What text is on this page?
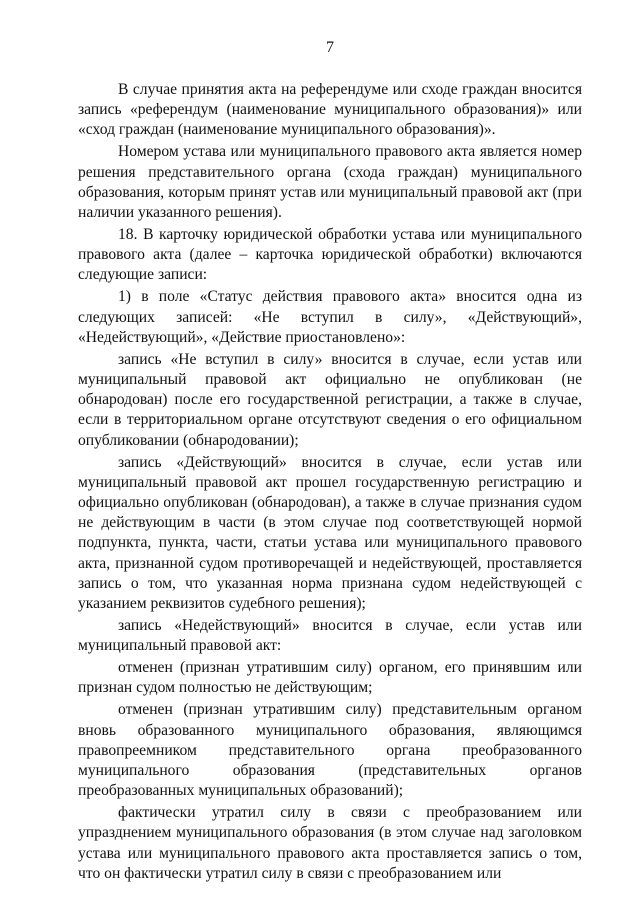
7

В случае принятия акта на референдуме или сходе граждан вносится запись «референдум (наименование муниципального образования)» или «сход граждан (наименование муниципального образования)».

Номером устава или муниципального правового акта является номер решения представительного органа (схода граждан) муниципального образования, которым принят устав или муниципальный правовой акт (при наличии указанного решения).

18. В карточку юридической обработки устава или муниципального правового акта (далее – карточка юридической обработки) включаются следующие записи:

1) в поле «Статус действия правового акта» вносится одна из следующих записей: «Не вступил в силу», «Действующий», «Недействующий», «Действие приостановлено»:

запись «Не вступил в силу» вносится в случае, если устав или муниципальный правовой акт официально не опубликован (не обнародован) после его государственной регистрации, а также в случае, если в территориальном органе отсутствуют сведения о его официальном опубликовании (обнародовании);

запись «Действующий» вносится в случае, если устав или муниципальный правовой акт прошел государственную регистрацию и официально опубликован (обнародован), а также в случае признания судом не действующим в части (в этом случае под соответствующей нормой подпункта, пункта, части, статьи устава или муниципального правового акта, признанной судом противоречащей и недействующей, проставляется запись о том, что указанная норма признана судом недействующей с указанием реквизитов судебного решения);

запись «Недействующий» вносится в случае, если устав или муниципальный правовой акт:

отменен (признан утратившим силу) органом, его принявшим или признан судом полностью не действующим;

отменен (признан утратившим силу) представительным органом вновь образованного муниципального образования, являющимся правопреемником представительного органа преобразованного муниципального образования (представительных органов преобразованных муниципальных образований);

фактически утратил силу в связи с преобразованием или упразднением муниципального образования (в этом случае над заголовком устава или муниципального правового акта проставляется запись о том, что он фактически утратил силу в связи с преобразованием или
